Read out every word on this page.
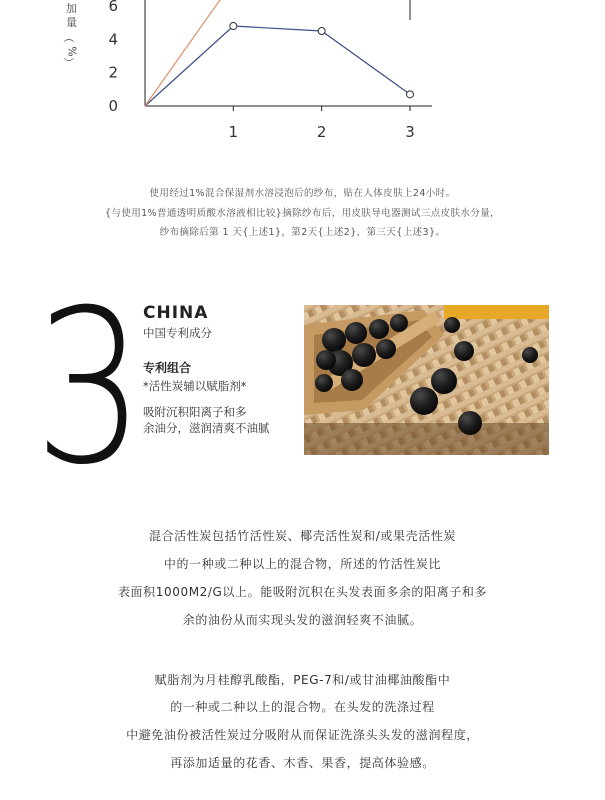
1	2	3
0
2
4
6
加
量
（
%
）
使用经过1%混合保湿剂水溶浸泡后的纱布，贴在人体皮肤上24小时。
{与使用1%普通透明质酸水溶液相比较}摘除纱布后，用皮肤导电器测试三点皮肤水分量，
纱布摘除后第 1 天{上述1}，第2天{上述2}，第三天{上述3}。
3
CHINA
中国专利成分
专利组合
*活性炭辅以赋脂剂*
吸附沉积阳离子和多
余油分，滋润清爽不油腻
混合活性炭包括竹活性炭、椰壳活性炭和/或果壳活性炭
中的一种或二种以上的混合物，所述的竹活性炭比
表面积1000M2/G以上。能吸附沉积在头发表面多余的阳离子和多
余的油份从而实现头发的滋润轻爽不油腻。
赋脂剂为月桂醇乳酸酯，PEG-7和/或甘油椰油酸酯中
的一种或二种以上的混合物。在头发的洗涤过程
中避免油份被活性炭过分吸附从而保证洗涤头头发的滋润程度，
再添加适量的花香、木香、果香，提高体验感。
